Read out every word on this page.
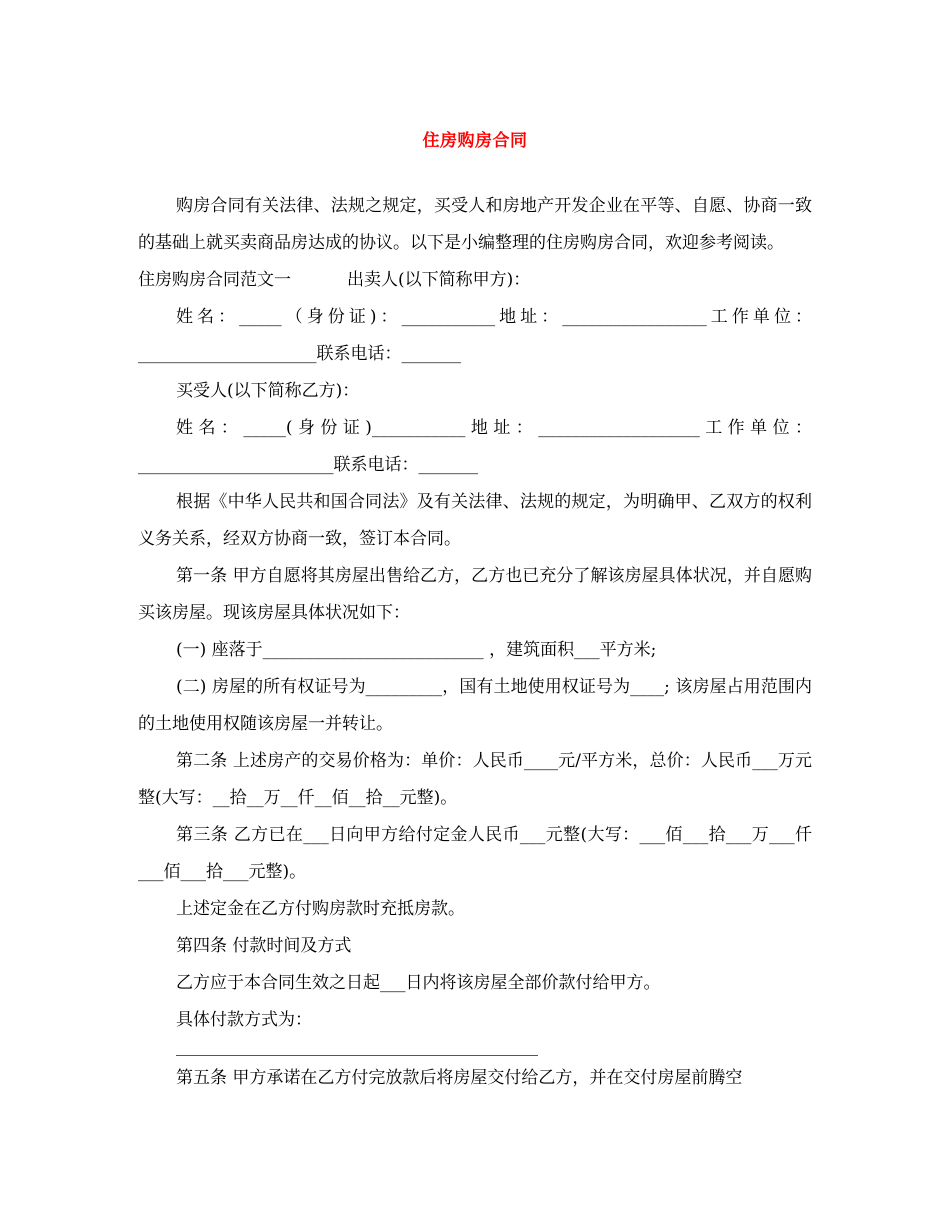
住房购房合同

购房合同有关法律、法规之规定，买受人和房地产开发企业在平等、自愿、协商一致的基础上就买卖商品房达成的协议。以下是小编整理的住房购房合同，欢迎参考阅读。

住房购房合同范文一	出卖人(以下简称甲方)：

姓名：_____（身份证)：___________地址：_________________工作单位：_____________________联系电话：_______

买受人(以下简称乙方)：

姓名：_____(身份证)___________地址：___________________工作单位：_______________________联系电话：_______

根据《中华人民共和国合同法》及有关法律、法规的规定，为明确甲、乙双方的权利义务关系，经双方协商一致，签订本合同。

第一条 甲方自愿将其房屋出售给乙方，乙方也已充分了解该房屋具体状况，并自愿购买该房屋。现该房屋具体状况如下：

(一) 座落于__________________________ ，建筑面积___平方米;

(二) 房屋的所有权证号为_________，国有土地使用权证号为____; 该房屋占用范围内的土地使用权随该房屋一并转让。

第二条 上述房产的交易价格为：单价：人民币____元/平方米，总价：人民币___万元整(大写：__拾__万__仟__佰__拾__元整)。

第三条 乙方已在___日向甲方给付定金人民币___元整(大写：___佰___拾___万___仟___佰___拾___元整)。

上述定金在乙方付购房款时充抵房款。

第四条 付款时间及方式

乙方应于本合同生效之日起___日内将该房屋全部价款付给甲方。

具体付款方式为：

第五条 甲方承诺在乙方付完放款后将房屋交付给乙方，并在交付房屋前腾空
